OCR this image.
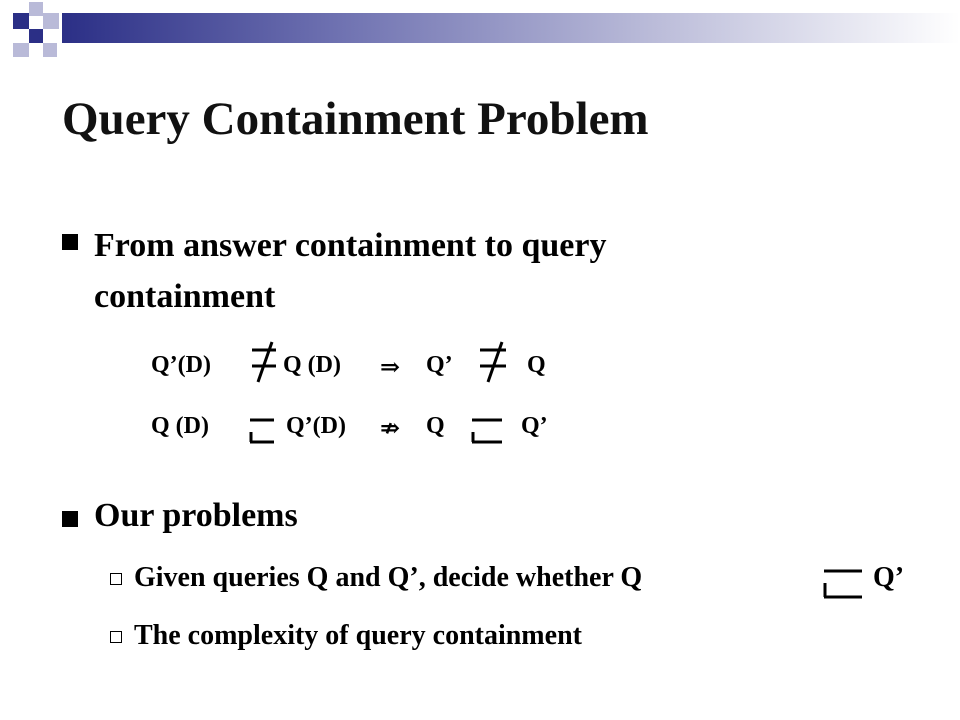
Query Containment Problem
From answer containment to query containment
Q’(D)	Q (D) ⇒ Q’	Q
Q (D)	Q’(D) ⇏ Q	Q’
Our problems
Given queries Q and Q’, decide whether Q	Q’
The complexity of query containment
